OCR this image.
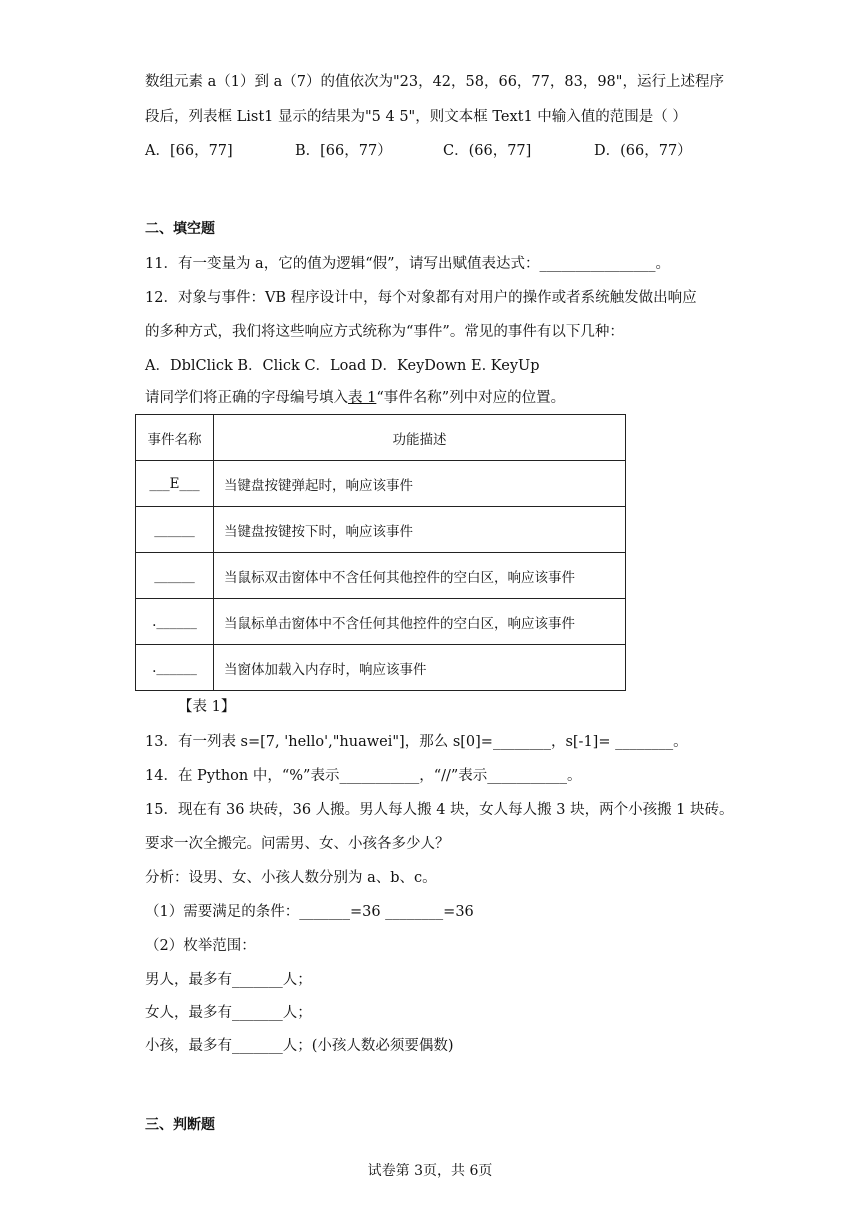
数组元素 a（1）到 a（7）的值依次为"23，42，58，66，77，83，98"，运行上述程序
段后，列表框 List1 显示的结果为"5 4 5"，则文本框 Text1 中输入值的范围是（ ）
A．[66，77]	B．[66，77）	C．(66，77]	D．(66，77）
二、填空题
11．有一变量为 a，它的值为逻辑“假”，请写出赋值表达式：________________。
12．对象与事件：VB 程序设计中，每个对象都有对用户的操作或者系统触发做出响应
的多种方式，我们将这些响应方式统称为“事件”。常见的事件有以下几种：
A．DblClick B．Click C．Load D．KeyDown E. KeyUp
请同学们将正确的字母编号填入表 1“事件名称”列中对应的位置。
事件名称	功能描述
___E___	当键盘按键弹起时，响应该事件
______	当键盘按键按下时，响应该事件
______	当鼠标双击窗体中不含任何其他控件的空白区，响应该事件
.______	当鼠标单击窗体中不含任何其他控件的空白区，响应该事件
.______	当窗体加载入内存时，响应该事件
【表 1】
13．有一列表 s=[7, 'hello',"huawei"]，那么 s[0]=________，s[-1]= ________。
14．在 Python 中，“%”表示___________，“//”表示___________。
15．现在有 36 块砖，36 人搬。男人每人搬 4 块，女人每人搬 3 块，两个小孩搬 1 块砖。
要求一次全搬完。问需男、女、小孩各多少人？
分析：设男、女、小孩人数分别为 a、b、c。
（1）需要满足的条件：_______=36 ________=36
（2）枚举范围：
男人，最多有_______人；
女人，最多有_______人；
小孩，最多有_______人；(小孩人数必须要偶数)
三、判断题
试卷第 3页，共 6页
